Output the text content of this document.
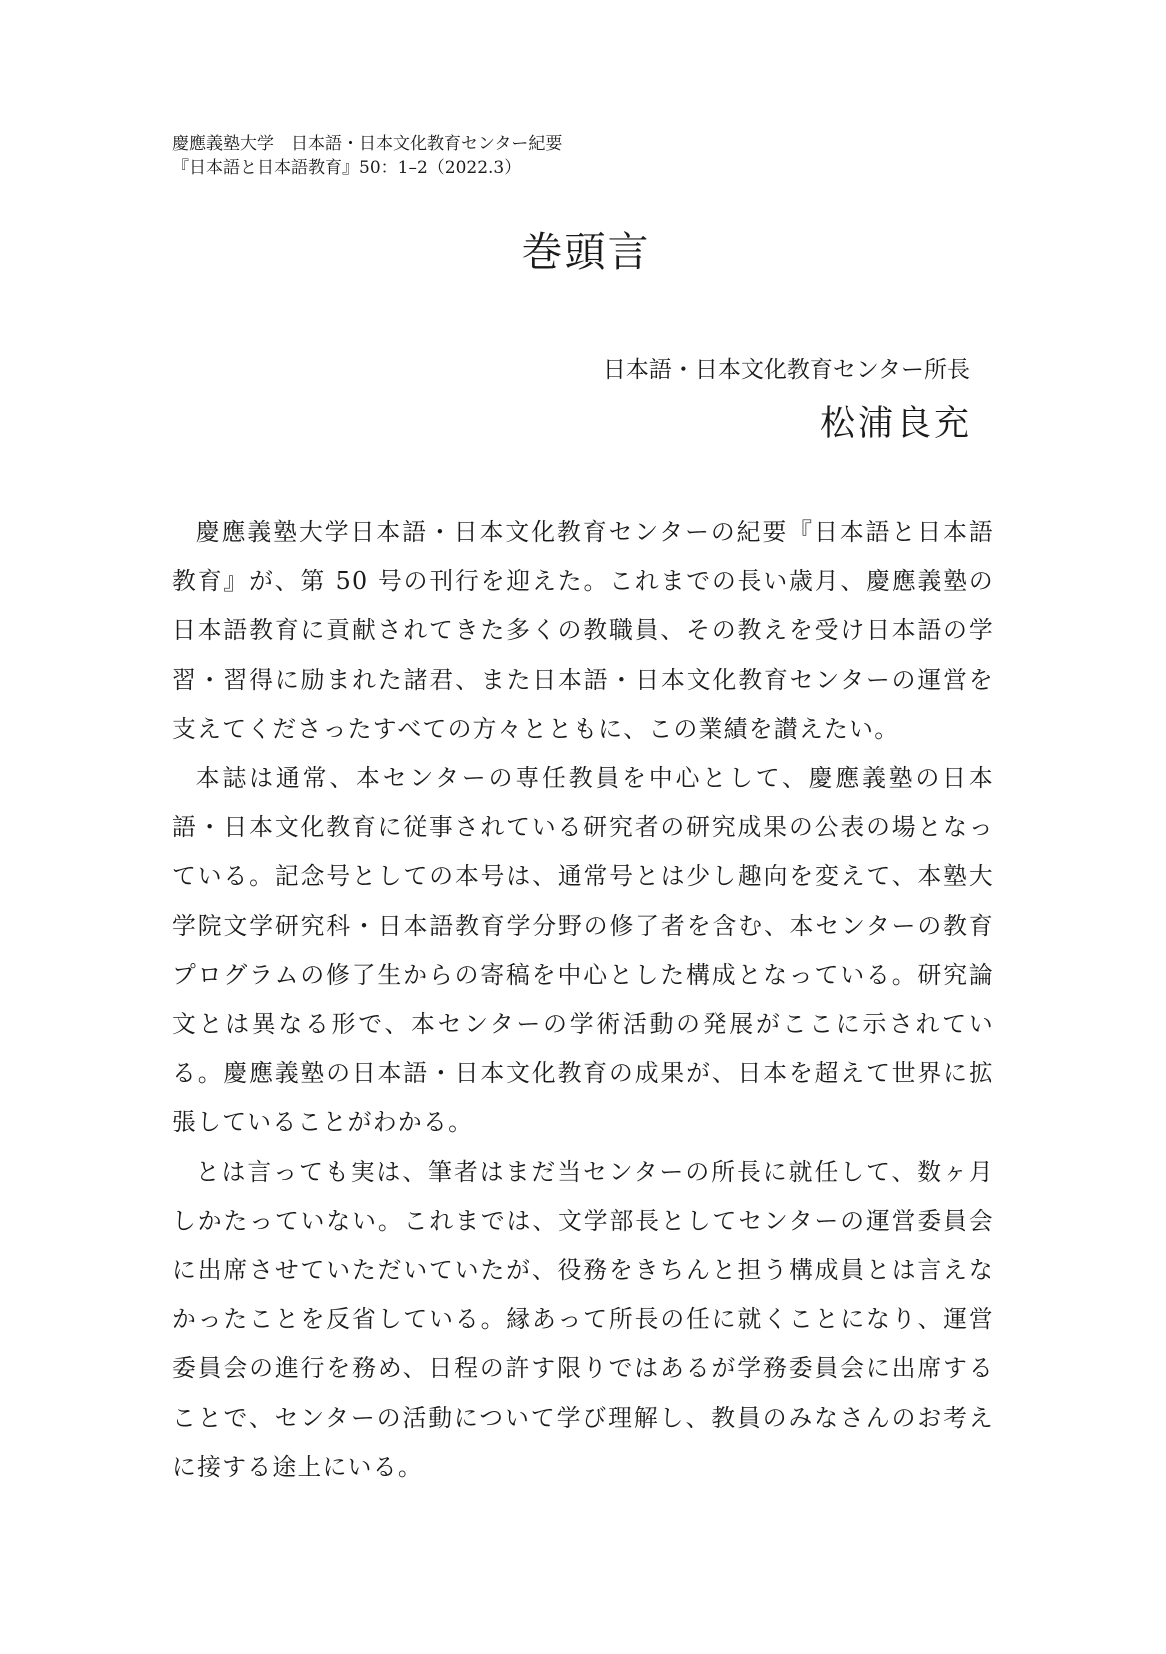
慶應義塾大学　日本語・日本文化教育センター紀要
『日本語と日本語教育』50：1–2（2022.3）
巻頭言
日本語・日本文化教育センター所長
松浦良充

慶應義塾大学日本語・日本文化教育センターの紀要『日本語と日本語教育』が、第 50 号の刊行を迎えた。これまでの長い歳月、慶應義塾の日本語教育に貢献されてきた多くの教職員、その教えを受け日本語の学習・習得に励まれた諸君、また日本語・日本文化教育センターの運営を支えてくださったすべての方々とともに、この業績を讃えたい。

本誌は通常、本センターの専任教員を中心として、慶應義塾の日本語・日本文化教育に従事されている研究者の研究成果の公表の場となっている。記念号としての本号は、通常号とは少し趣向を変えて、本塾大学院文学研究科・日本語教育学分野の修了者を含む、本センターの教育プログラムの修了生からの寄稿を中心とした構成となっている。研究論文とは異なる形で、本センターの学術活動の発展がここに示されている。慶應義塾の日本語・日本文化教育の成果が、日本を超えて世界に拡張していることがわかる。

とは言っても実は、筆者はまだ当センターの所長に就任して、数ヶ月しかたっていない。これまでは、文学部長としてセンターの運営委員会に出席させていただいていたが、役務をきちんと担う構成員とは言えなかったことを反省している。縁あって所長の任に就くことになり、運営委員会の進行を務め、日程の許す限りではあるが学務委員会に出席することで、センターの活動について学び理解し、教員のみなさんのお考えに接する途上にいる。
